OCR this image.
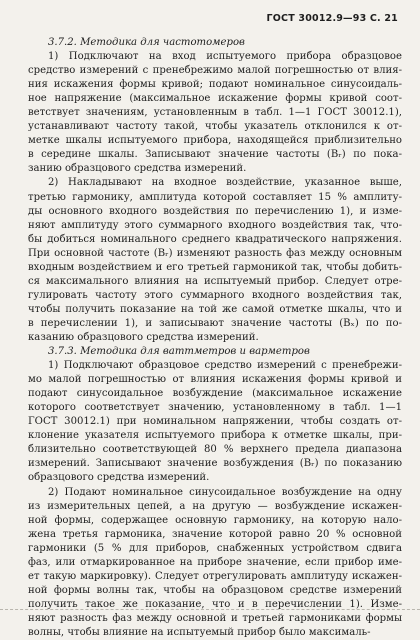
ГОСТ 30012.9—93 С. 21
3.7.2. Методика для частотомеров
1) Подключают на вход испытуемого прибора образцовое
средство измерений с пренебрежимо малой погрешностью от влия-
ния искажения формы кривой; подают номинальное синусоидаль-
ное напряжение (максимальное искажение формы кривой соот-
ветствует значениям, установленным в табл. 1—1 ГОСТ 30012.1),
устанавливают частоту такой, чтобы указатель отклонился к от-
метке шкалы испытуемого прибора, находящейся приблизительно
в середине шкалы. Записывают значение частоты (Bᵣ) по пока-
занию образцового средства измерений.
2) Накладывают на входное воздействие, указанное выше,
третью гармонику, амплитуда которой составляет 15 % амплиту-
ды основного входного воздействия по перечислению 1), и изме-
няют амплитуду этого суммарного входного воздействия так, что-
бы добиться номинального среднего квадратического напряжения.
При основной частоте (Bᵣ) изменяют разность фаз между основным
входным воздействием и его третьей гармоникой так, чтобы добить-
ся максимального влияния на испытуемый прибор. Следует отре-
гулировать частоту этого суммарного входного воздействия так,
чтобы получить показание на той же самой отметке шкалы, что и
в перечислении 1), и записывают значение частоты (Bₓ) по по-
казанию образцового средства измерений.
3.7.3. Методика для ваттметров и варметров
1) Подключают образцовое средство измерений с пренебрежи-
мо малой погрешностью от влияния искажения формы кривой и
подают синусоидальное возбуждение (максимальное искажение
которого соответствует значению, установленному в табл. 1—1
ГОСТ 30012.1) при номинальном напряжении, чтобы создать от-
клонение указателя испытуемого прибора к отметке шкалы, при-
близительно соответствующей 80 % верхнего предела диапазона
измерений. Записывают значение возбуждения (Bᵣ) по показанию
образцового средства измерений.
2) Подают номинальное синусоидальное возбуждение на одну
из измерительных цепей, а на другую — возбуждение искажен-
ной формы, содержащее основную гармонику, на которую нало-
жена третья гармоника, значение которой равно 20 % основной
гармоники (5 % для приборов, снабженных устройством сдвига
фаз, или отмаркированное на приборе значение, если прибор име-
ет такую маркировку). Следует отрегулировать амплитуду искажен-
ной формы волны так, чтобы на образцовом средстве измерений
получить такое же показание, что и в перечислении 1). Изме-
няют разность фаз между основной и третьей гармониками формы
волны, чтобы влияние на испытуемый прибор было максималь-
